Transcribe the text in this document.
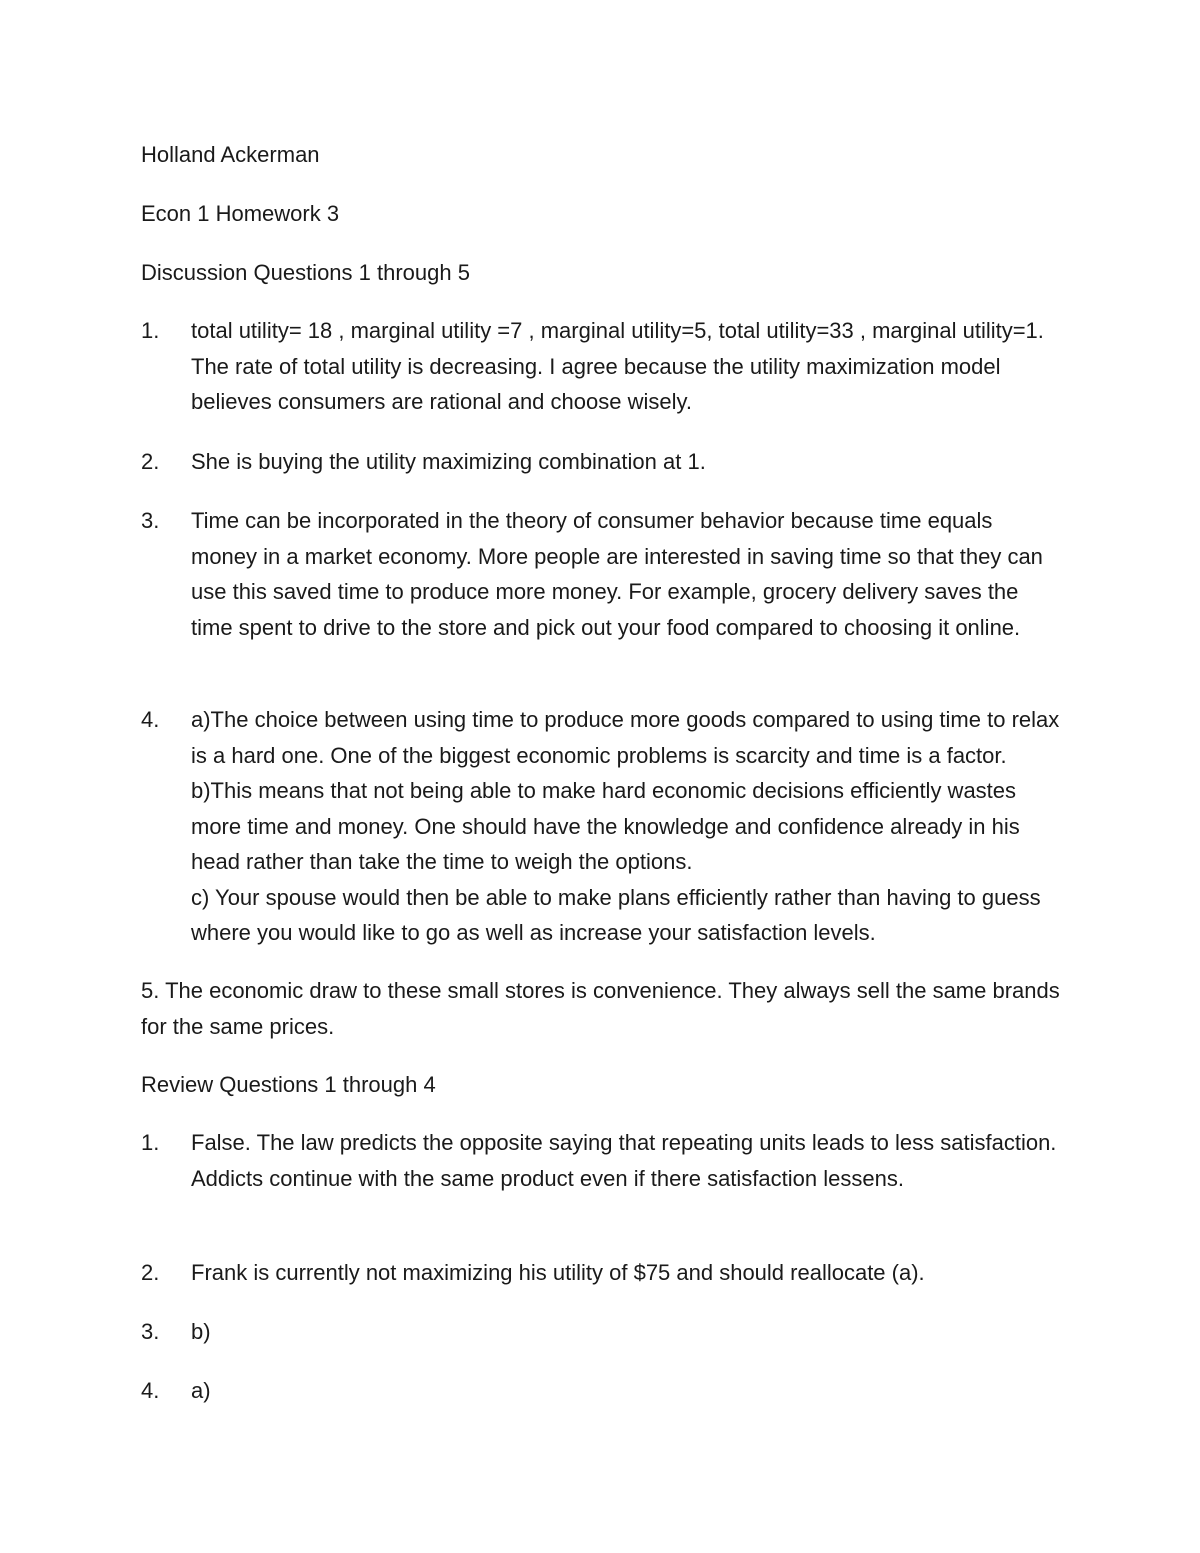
Holland Ackerman

Econ 1 Homework 3

Discussion Questions 1 through 5

1. total utility= 18 , marginal utility =7 , marginal utility=5, total utility=33 , marginal utility=1. The rate of total utility is decreasing. I agree because the utility maximization model believes consumers are rational and choose wisely.
2. She is buying the utility maximizing combination at 1.
3. Time can be incorporated in the theory of consumer behavior because time equals money in a market economy. More people are interested in saving time so that they can use this saved time to produce more money. For example, grocery delivery saves the time spent to drive to the store and pick out your food compared to choosing it online.
4. a)The choice between using time to produce more goods compared to using time to relax is a hard one. One of the biggest economic problems is scarcity and time is a factor. b)This means that not being able to make hard economic decisions efficiently wastes more time and money. One should have the knowledge and confidence already in his head rather than take the time to weigh the options.
c) Your spouse would then be able to make plans efficiently rather than having to guess where you would like to go as well as increase your satisfaction levels.

5. The economic draw to these small stores is convenience. They always sell the same brands for the same prices.

Review Questions 1 through 4

1. False. The law predicts the opposite saying that repeating units leads to less satisfaction. Addicts continue with the same product even if there satisfaction lessens.
2. Frank is currently not maximizing his utility of $75 and should reallocate (a).
3. b)
4. a)
